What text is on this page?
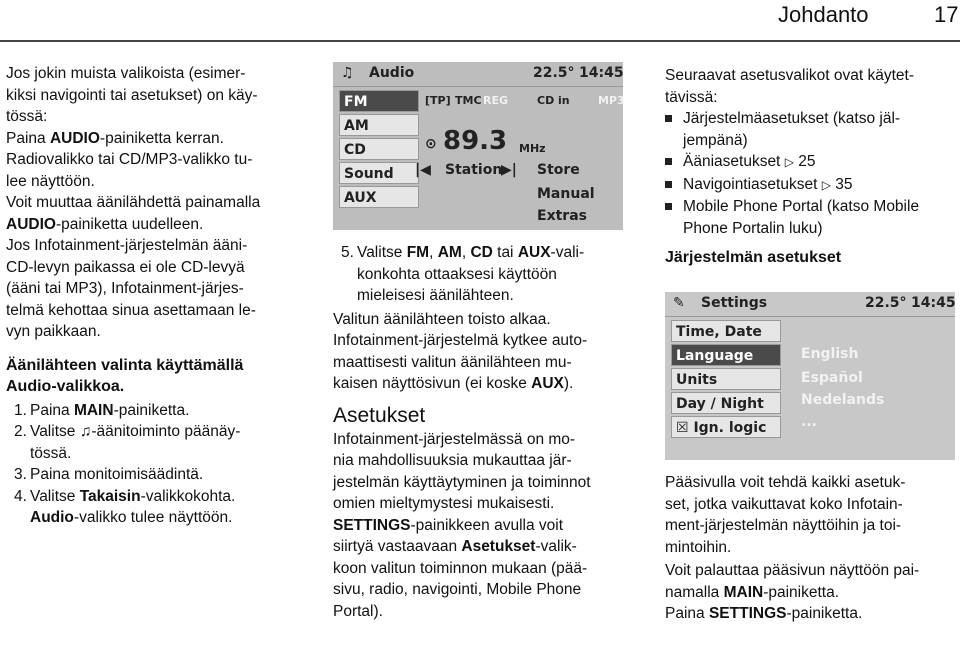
Johdanto	17

Jos jokin muista valikoista (esimer-
kiksi navigointi tai asetukset) on käy-
tössä:

Paina AUDIO-painiketta kerran.

Radiovalikko tai CD/MP3-valikko tu-
lee näyttöön.

Voit muuttaa äänilähdettä painamalla
AUDIO-painiketta uudelleen.

Jos Infotainment-järjestelmän ääni-
CD-levyn paikassa ei ole CD-levyä
(ääni tai MP3), Infotainment-järjes-
telmä kehottaa sinua asettamaan le-
vyn paikkaan.

Äänilähteen valinta käyttämällä
Audio-valikkoa.

1. Paina MAIN-painiketta.

2. Valitse ♫-äänitoiminto päänäy-
tössä.

3. Paina monitoimisäädintä.

4. Valitse Takaisin-valikkokohta.

Audio-valikko tulee näyttöön.

♫ Audio	22.5° 14:45
FM
AM
CD
Sound
AUX
[TP] TMC REG	CD in	MP3
⊙ 89.3 MHz
|◀ Station
▶| Store
Manual
Extras

5. Valitse FM, AM, CD tai AUX-vali-
konkohta ottaaksesi käyttöön
mieleisesi äänilähteen.

Valitun äänilähteen toisto alkaa.

Infotainment-järjestelmä kytkee auto-
maattisesti valitun äänilähteen mu-
kaisen näyttösivun (ei koske AUX).

Asetukset

Infotainment-järjestelmässä on mo-
nia mahdollisuuksia mukauttaa jär-
jestelmän käyttäytyminen ja toiminnot
omien mieltymystesi mukaisesti.

SETTINGS-painikkeen avulla voit
siirtyä vastaavaan Asetukset-valik-
koon valitun toiminnon mukaan (pää-
sivu, radio, navigointi, Mobile Phone
Portal).

Seuraavat asetusvalikot ovat käytet-
tävissä:

Järjestelmäasetukset (katso jäl-
jempänä)

Ääniasetukset ▷ 25

Navigointiasetukset ▷ 35

Mobile Phone Portal (katso Mobile
Phone Portalin luku)

Järjestelmän asetukset

✎ Settings	22.5° 14:45
Time, Date
Language
Units
Day / Night
☒ Ign. logic
English
Español
Nedelands
...

Pääsivulla voit tehdä kaikki asetuk-
set, jotka vaikuttavat koko Infotain-
ment-järjestelmän näyttöihin ja toi-
mintoihin.

Voit palauttaa pääsivun näyttöön pai-
namalla MAIN-painiketta.

Paina SETTINGS-painiketta.
